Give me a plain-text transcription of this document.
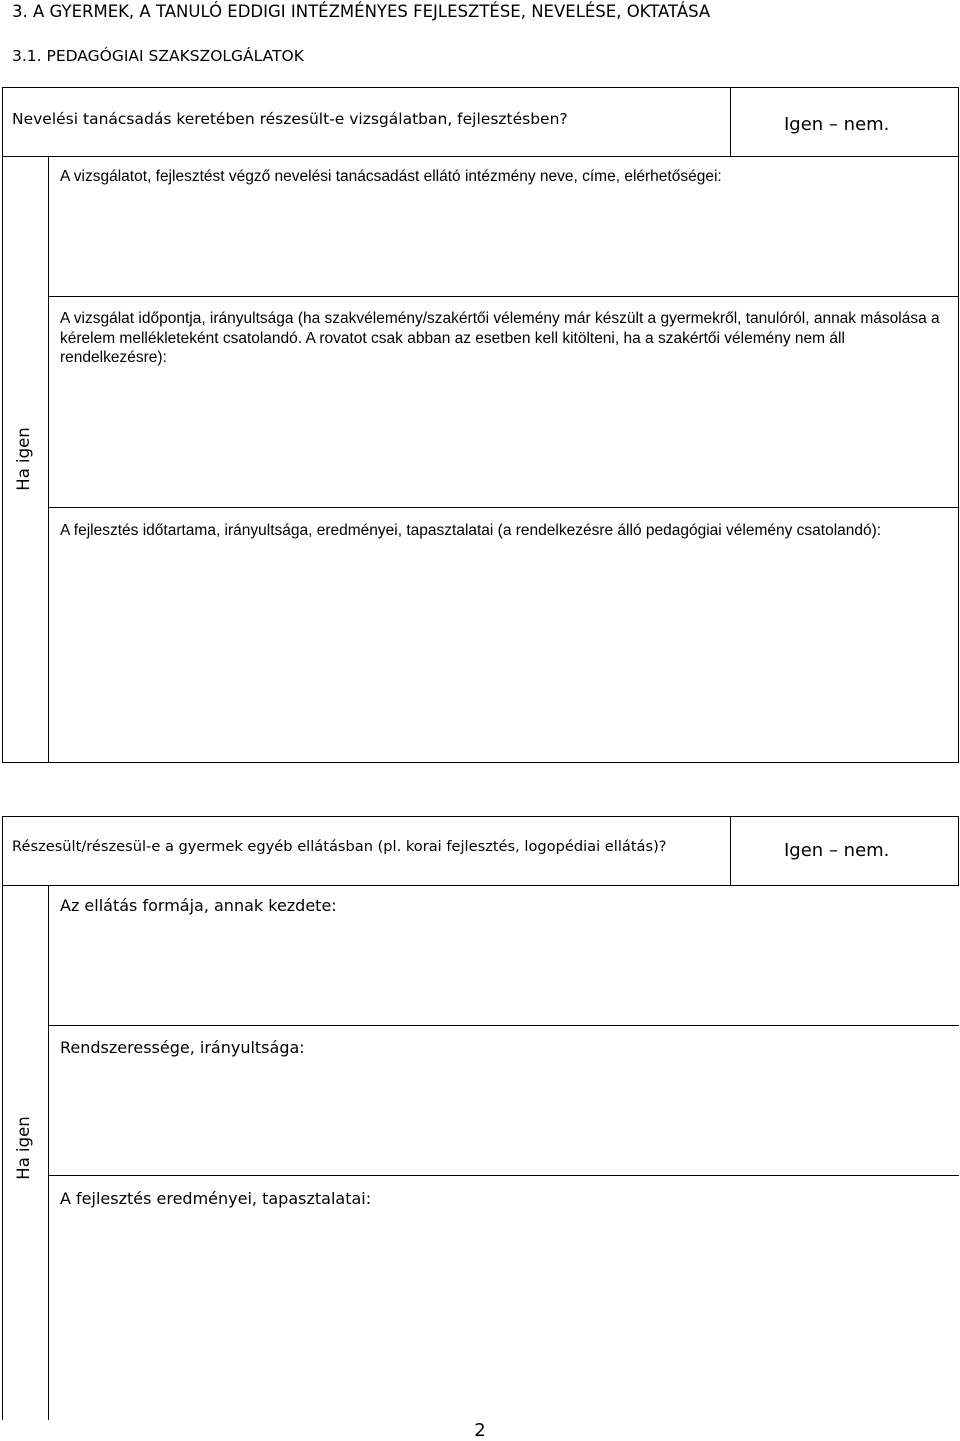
3. A GYERMEK, A TANULÓ EDDIGI INTÉZMÉNYES FEJLESZTÉSE, NEVELÉSE, OKTATÁSA
3.1. PEDAGÓGIAI SZAKSZOLGÁLATOK
Nevelési tanácsadás keretében részesült-e vizsgálatban, fejlesztésben?	Igen – nem.
Ha igen
A vizsgálatot, fejlesztést végző nevelési tanácsadást ellátó intézmény neve, címe, elérhetőségei:
A vizsgálat időpontja, irányultsága (ha szakvélemény/szakértői vélemény már készült a gyermekről, tanulóról, annak másolása a kérelem mellékleteként csatolandó. A rovatot csak abban az esetben kell kitölteni, ha a szakértői vélemény nem áll rendelkezésre):
A fejlesztés időtartama, irányultsága, eredményei, tapasztalatai (a rendelkezésre álló pedagógiai vélemény csatolandó):
Részesült/részesül-e a gyermek egyéb ellátásban (pl. korai fejlesztés, logopédiai ellátás)?	Igen – nem.
Ha igen
Az ellátás formája, annak kezdete:
Rendszeressége, irányultsága:
A fejlesztés eredményei, tapasztalatai:
2
